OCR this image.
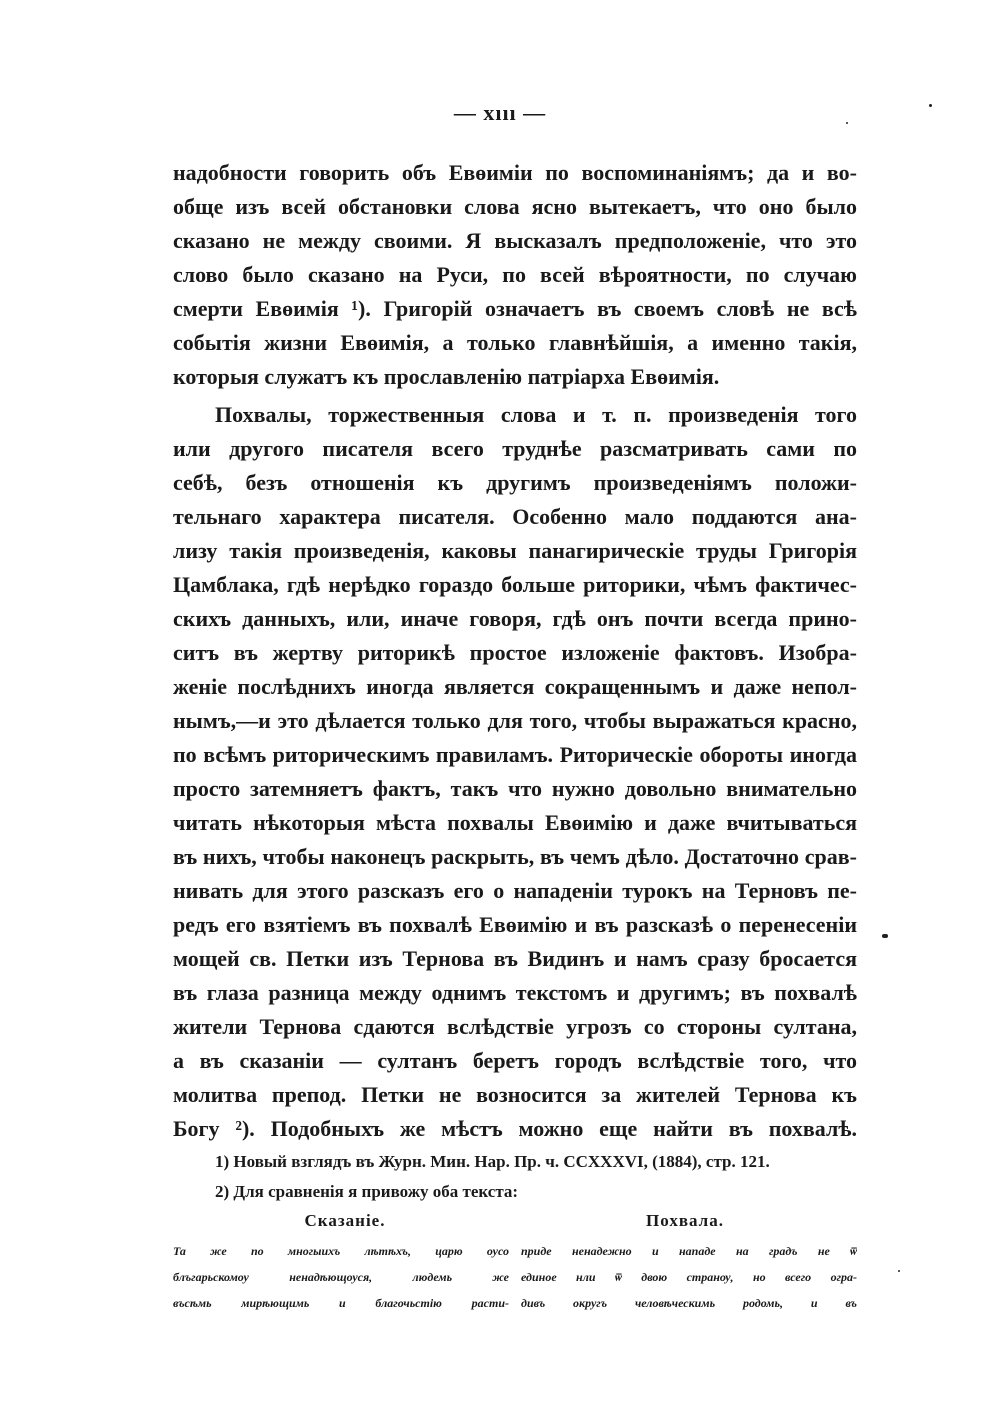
— xııı —
надобности говорить объ Евөиміи по воспоминаніямъ; да и во-
обще изъ всей обстановки слова ясно вытекаетъ, что оно было
сказано не между своими. Я высказалъ предположеніе, что это
слово было сказано на Руси, по всей вѣроятности, по случаю
смерти Евөимія ¹). Григорій означаетъ въ своемъ словѣ не всѣ
событія жизни Евөимія, а только главнѣйшія, а именно такія,
которыя служатъ къ прославленію патріарха Евөимія.
Похвалы, торжественныя слова и т. п. произведенія того
или другого писателя всего труднѣе разсматривать сами по
себѣ, безъ отношенія къ другимъ произведеніямъ положи-
тельнаго характера писателя. Особенно мало поддаются ана-
лизу такія произведенія, каковы панагирическіе труды Григорія
Цамблака, гдѣ нерѣдко гораздо больше риторики, чѣмъ фактичес-
скихъ данныхъ, или, иначе говоря, гдѣ онъ почти всегда прино-
ситъ въ жертву риторикѣ простое изложеніе фактовъ. Изобра-
женіе послѣднихъ иногда является сокращеннымъ и даже непол-
нымъ,—и это дѣлается только для того, чтобы выражаться красно,
по всѣмъ риторическимъ правиламъ. Риторическіе обороты иногда
просто затемняетъ фактъ, такъ что нужно довольно внимательно
читать нѣкоторыя мѣста похвалы Евөимію и даже вчитываться
въ нихъ, чтобы наконецъ раскрыть, въ чемъ дѣло. Достаточно срав-
нивать для этого разсказъ его о нападеніи турокъ на Терновъ пе-
редъ его взятіемъ въ похвалѣ Евөимію и въ разсказѣ о перенесеніи
мощей св. Петки изъ Тернова въ Видинъ и намъ сразу бросается
въ глаза разница между однимъ текстомъ и другимъ; въ похвалѣ
жители Тернова сдаются вслѣдствіе угрозъ со стороны султана,
а въ сказаніи — султанъ беретъ городъ вслѣдствіе того, что
молитва препод. Петки не возносится за жителей Тернова къ
Богу ²). Подобныхъ же мѣстъ можно еще найти въ похвалѣ.
1) Новый взглядъ въ Журн. Мин. Нар. Пр. ч. CCXXXVI, (1884), стр. 121.
2) Для сравненія я привожу оба текста:
Сказаніе.	Похвала.
Та же по многыихъ лѣтѣхъ, царю оусо
блъгарьскомоу ненадѣющоуся, людемь же
въсѣмь мирѣющимь и благочьстію расти-
приде ненадежно и нападе на градъ не ѿ
единое нли ѿ двою странѹ, но всего огра-
дивъ округъ человѣческимь родомь, и въ
